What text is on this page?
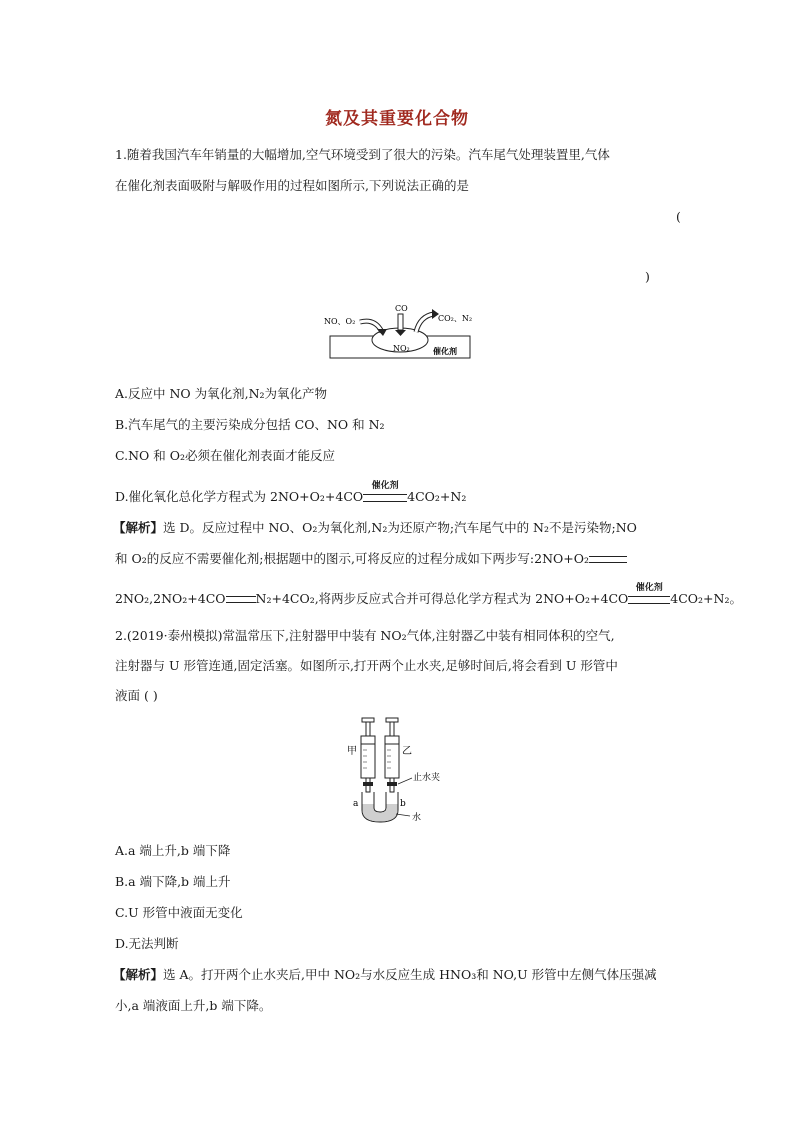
氮及其重要化合物
1.随着我国汽车年销量的大幅增加,空气环境受到了很大的污染。汽车尾气处理装置里,气体
在催化剂表面吸附与解吸作用的过程如图所示,下列说法正确的是
(
)
NO、O₂
CO
CO₂、N₂
NO₂	催化剂
A.反应中 NO 为氧化剂,N₂为氧化产物
B.汽车尾气的主要污染成分包括 CO、NO 和 N₂
C.NO 和 O₂必须在催化剂表面才能反应
D.催化氧化总化学方程式为 2NO+O₂+4CO
催化剂
4CO₂+N₂
【解析】选 D。反应过程中 NO、O₂为氧化剂,N₂为还原产物;汽车尾气中的 N₂不是污染物;NO
和 O₂的反应不需要催化剂;根据题中的图示,可将反应的过程分成如下两步写:2NO+O₂
2NO₂,2NO₂+4CO N₂+4CO₂,将两步反应式合并可得总化学方程式为 2NO+O₂+4CO
催化剂
4CO₂+N₂。
2.(2019·泰州模拟)常温常压下,注射器甲中装有 NO₂气体,注射器乙中装有相同体积的空气,
注射器与 U 形管连通,固定活塞。如图所示,打开两个止水夹,足够时间后,将会看到 U 形管中
液面 ( )
甲	乙
止水夹
a	b
水
A.a 端上升,b 端下降
B.a 端下降,b 端上升
C.U 形管中液面无变化
D.无法判断
【解析】选 A。打开两个止水夹后,甲中 NO₂与水反应生成 HNO₃和 NO,U 形管中左侧气体压强减
小,a 端液面上升,b 端下降。
